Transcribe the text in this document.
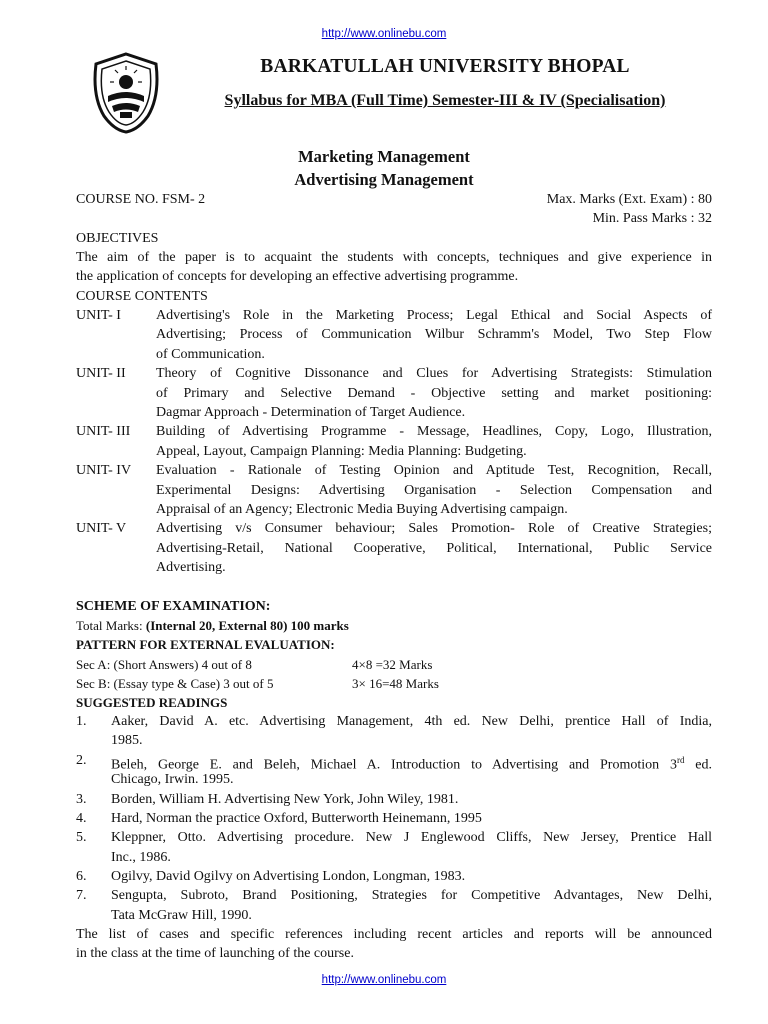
http://www.onlinebu.com
BARKATULLAH UNIVERSITY BHOPAL
Syllabus for MBA (Full Time) Semester-III & IV (Specialisation)
Marketing Management
Advertising Management
COURSE NO. FSM- 2	Max. Marks (Ext. Exam) : 80
Min. Pass Marks : 32
OBJECTIVES
The aim of the paper is to acquaint the students with concepts, techniques and give experience in
the application of concepts for developing an effective advertising programme.
COURSE CONTENTS
UNIT- I	Advertising's Role in the Marketing Process; Legal Ethical and Social Aspects of
Advertising; Process of Communication Wilbur Schramm's Model, Two Step Flow
of Communication.
UNIT- II Theory of Cognitive Dissonance and Clues for Advertising Strategists: Stimulation
of Primary and Selective Demand - Objective setting and market positioning:
Dagmar Approach - Determination of Target Audience.
UNIT- III Building of Advertising Programme - Message, Headlines, Copy, Logo, Illustration,
Appeal, Layout, Campaign Planning: Media Planning: Budgeting.
UNIT- IV Evaluation - Rationale of Testing Opinion and Aptitude Test, Recognition, Recall,
Experimental Designs: Advertising Organisation - Selection Compensation and
Appraisal of an Agency; Electronic Media Buying Advertising campaign.
UNIT- V Advertising v/s Consumer behaviour; Sales Promotion- Role of Creative Strategies;
Advertising-Retail, National Cooperative, Political, International, Public Service
Advertising.
SCHEME OF EXAMINATION:
Total Marks: (Internal 20, External 80) 100 marks
PATTERN FOR EXTERNAL EVALUATION:
Sec A: (Short Answers) 4 out of 8	4×8 =32 Marks
Sec B: (Essay type & Case) 3 out of 5	3× 16=48 Marks
SUGGESTED READINGS
1. Aaker, David A. etc. Advertising Management, 4th ed. New Delhi, prentice Hall of India,
1985.
2. Beleh, George E. and Beleh, Michael A. Introduction to Advertising and Promotion 3rd ed.
Chicago, Irwin. 1995.
3. Borden, William H. Advertising New York, John Wiley, 1981.
4. Hard, Norman the practice Oxford, Butterworth Heinemann, 1995
5. Kleppner, Otto. Advertising procedure. New J Englewood Cliffs, New Jersey, Prentice Hall
Inc., 1986.
6. Ogilvy, David Ogilvy on Advertising London, Longman, 1983.
7. Sengupta, Subroto, Brand Positioning, Strategies for Competitive Advantages, New Delhi,
Tata McGraw Hill, 1990.
The list of cases and specific references including recent articles and reports will be announced
in the class at the time of launching of the course.
http://www.onlinebu.com
